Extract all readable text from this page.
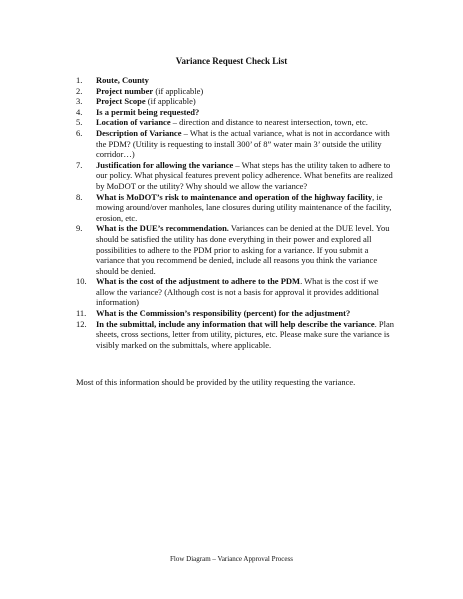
Variance Request Check List

1.	Route, County
2.	Project number (if applicable)
3.	Project Scope (if applicable)
4.	Is a permit being requested?
5.	Location of variance – direction and distance to nearest intersection, town, etc.
6.	Description of Variance – What is the actual variance, what is not in accordance with the PDM? (Utility is requesting to install 300’ of 8” water main 3’ outside the utility corridor…)
7.	Justification for allowing the variance – What steps has the utility taken to adhere to our policy. What physical features prevent policy adherence. What benefits are realized by MoDOT or the utility? Why should we allow the variance?
8.	What is MoDOT’s risk to maintenance and operation of the highway facility, ie mowing around/over manholes, lane closures during utility maintenance of the facility, erosion, etc.
9.	What is the DUE’s recommendation. Variances can be denied at the DUE level. You should be satisfied the utility has done everything in their power and explored all possibilities to adhere to the PDM prior to asking for a variance. If you submit a variance that you recommend be denied, include all reasons you think the variance should be denied.
10.	What is the cost of the adjustment to adhere to the PDM. What is the cost if we allow the variance? (Although cost is not a basis for approval it provides additional information)
11.	What is the Commission’s responsibility (percent) for the adjustment?
12.	In the submittal, include any information that will help describe the variance. Plan sheets, cross sections, letter from utility, pictures, etc. Please make sure the variance is visibly marked on the submittals, where applicable.

Most of this information should be provided by the utility requesting the variance.

Flow Diagram – Variance Approval Process
